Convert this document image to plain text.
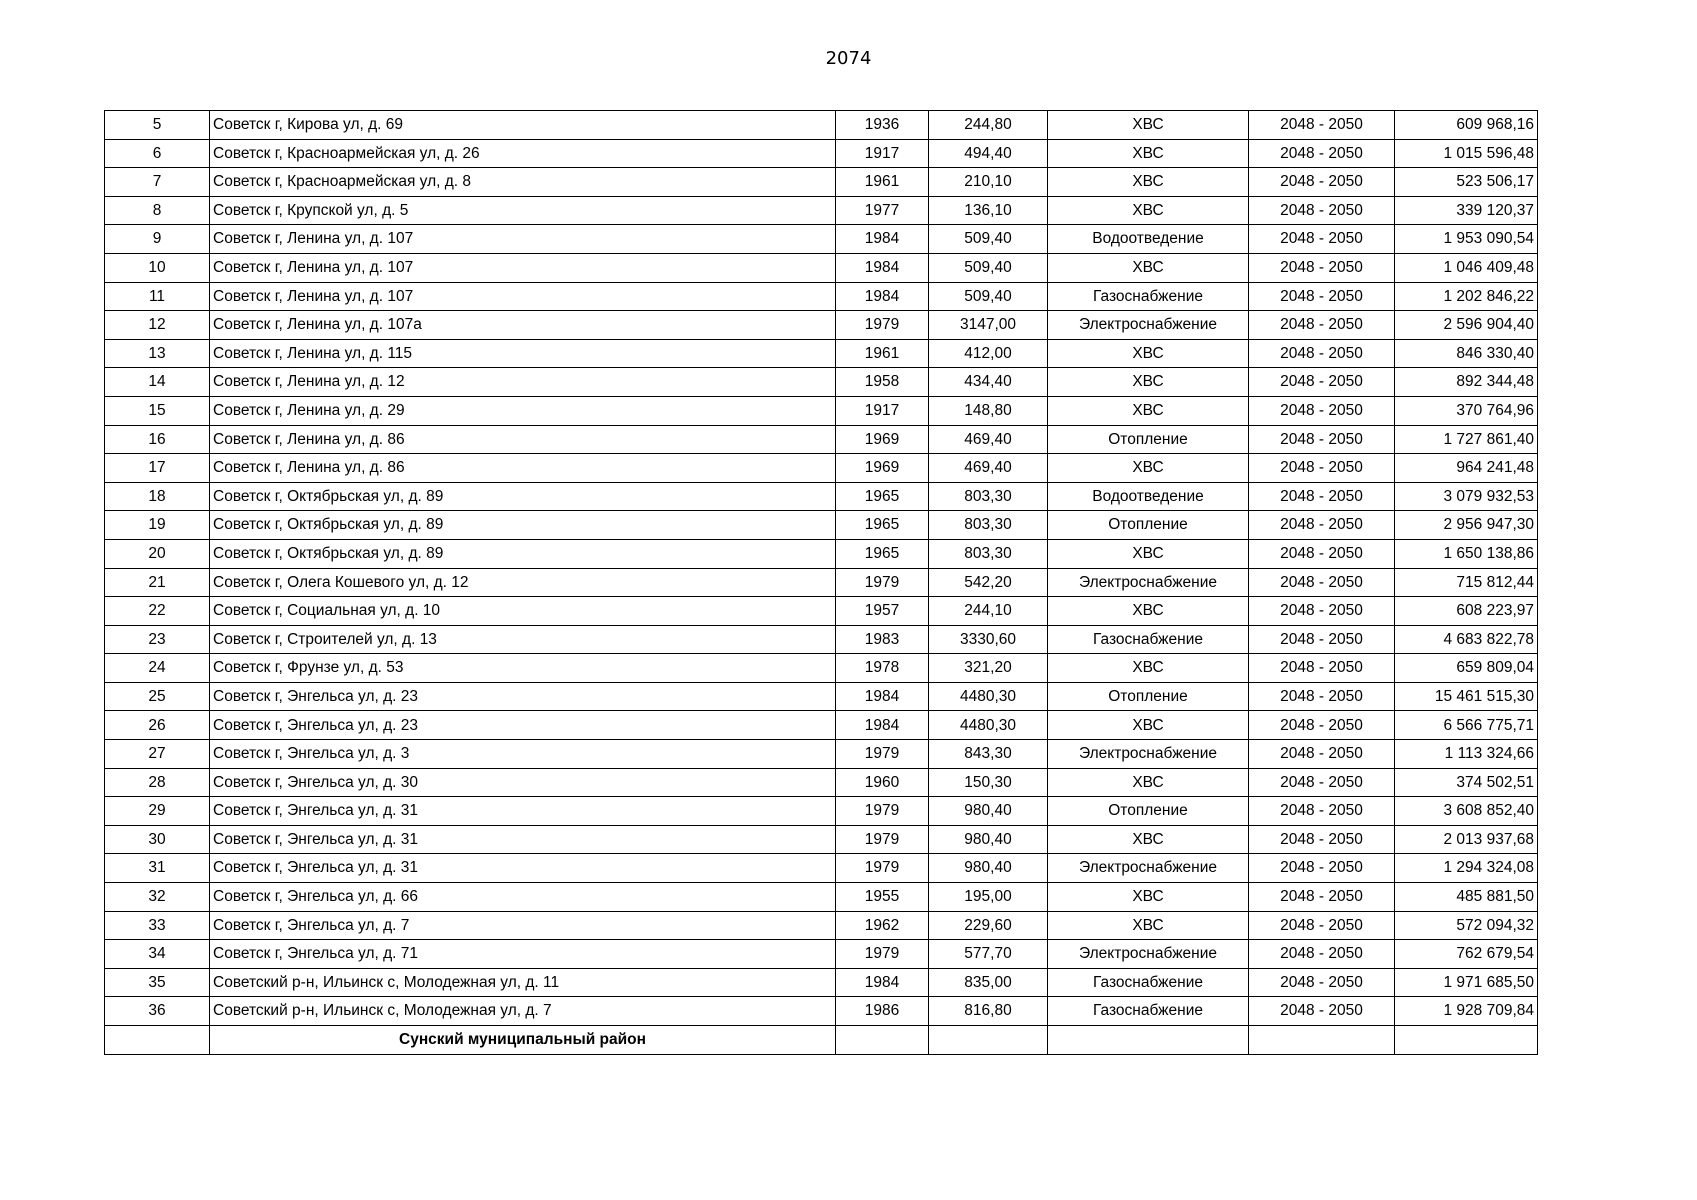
2074
5	Советск г, Кирова ул, д. 69	1936	244,80	ХВС	2048 - 2050	609 968,16
6	Советск г, Красноармейская ул, д. 26	1917	494,40	ХВС	2048 - 2050	1 015 596,48
7	Советск г, Красноармейская ул, д. 8	1961	210,10	ХВС	2048 - 2050	523 506,17
8	Советск г, Крупской ул, д. 5	1977	136,10	ХВС	2048 - 2050	339 120,37
9	Советск г, Ленина ул, д. 107	1984	509,40	Водоотведение	2048 - 2050	1 953 090,54
10	Советск г, Ленина ул, д. 107	1984	509,40	ХВС	2048 - 2050	1 046 409,48
11	Советск г, Ленина ул, д. 107	1984	509,40	Газоснабжение	2048 - 2050	1 202 846,22
12	Советск г, Ленина ул, д. 107а	1979	3147,00	Электроснабжение	2048 - 2050	2 596 904,40
13	Советск г, Ленина ул, д. 115	1961	412,00	ХВС	2048 - 2050	846 330,40
14	Советск г, Ленина ул, д. 12	1958	434,40	ХВС	2048 - 2050	892 344,48
15	Советск г, Ленина ул, д. 29	1917	148,80	ХВС	2048 - 2050	370 764,96
16	Советск г, Ленина ул, д. 86	1969	469,40	Отопление	2048 - 2050	1 727 861,40
17	Советск г, Ленина ул, д. 86	1969	469,40	ХВС	2048 - 2050	964 241,48
18	Советск г, Октябрьская ул, д. 89	1965	803,30	Водоотведение	2048 - 2050	3 079 932,53
19	Советск г, Октябрьская ул, д. 89	1965	803,30	Отопление	2048 - 2050	2 956 947,30
20	Советск г, Октябрьская ул, д. 89	1965	803,30	ХВС	2048 - 2050	1 650 138,86
21	Советск г, Олега Кошевого ул, д. 12	1979	542,20	Электроснабжение	2048 - 2050	715 812,44
22	Советск г, Социальная ул, д. 10	1957	244,10	ХВС	2048 - 2050	608 223,97
23	Советск г, Строителей ул, д. 13	1983	3330,60	Газоснабжение	2048 - 2050	4 683 822,78
24	Советск г, Фрунзе ул, д. 53	1978	321,20	ХВС	2048 - 2050	659 809,04
25	Советск г, Энгельса ул, д. 23	1984	4480,30	Отопление	2048 - 2050	15 461 515,30
26	Советск г, Энгельса ул, д. 23	1984	4480,30	ХВС	2048 - 2050	6 566 775,71
27	Советск г, Энгельса ул, д. 3	1979	843,30	Электроснабжение	2048 - 2050	1 113 324,66
28	Советск г, Энгельса ул, д. 30	1960	150,30	ХВС	2048 - 2050	374 502,51
29	Советск г, Энгельса ул, д. 31	1979	980,40	Отопление	2048 - 2050	3 608 852,40
30	Советск г, Энгельса ул, д. 31	1979	980,40	ХВС	2048 - 2050	2 013 937,68
31	Советск г, Энгельса ул, д. 31	1979	980,40	Электроснабжение	2048 - 2050	1 294 324,08
32	Советск г, Энгельса ул, д. 66	1955	195,00	ХВС	2048 - 2050	485 881,50
33	Советск г, Энгельса ул, д. 7	1962	229,60	ХВС	2048 - 2050	572 094,32
34	Советск г, Энгельса ул, д. 71	1979	577,70	Электроснабжение	2048 - 2050	762 679,54
35	Советский р-н, Ильинск с, Молодежная ул, д. 11	1984	835,00	Газоснабжение	2048 - 2050	1 971 685,50
36	Советский р-н, Ильинск с, Молодежная ул, д. 7	1986	816,80	Газоснабжение	2048 - 2050	1 928 709,84
	Сунский муниципальный район					
